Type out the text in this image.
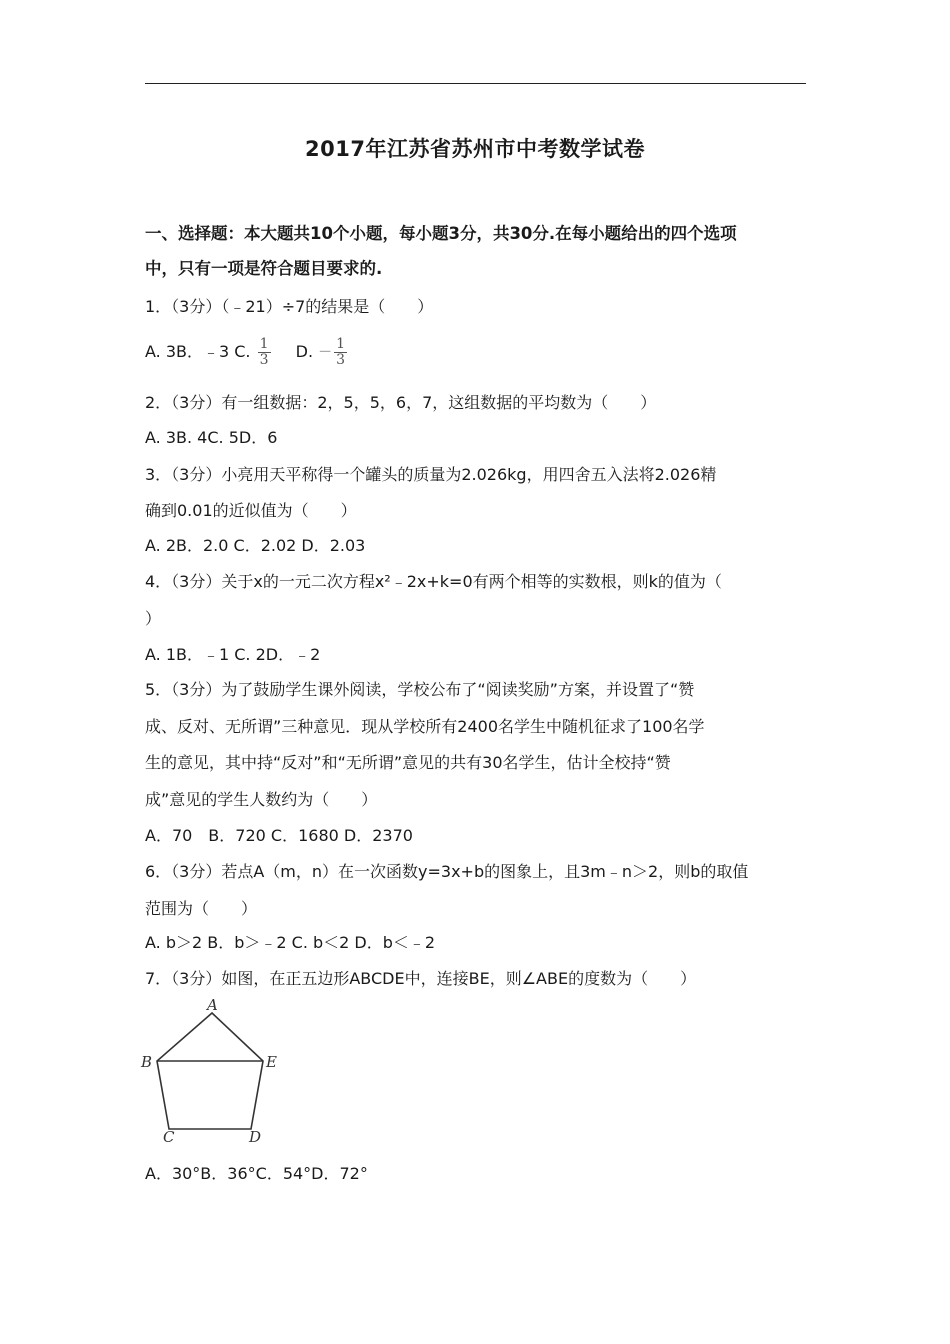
2017年江苏省苏州市中考数学试卷
一、选择题：本大题共10个小题，每小题3分，共30分.在每小题给出的四个选项
中，只有一项是符合题目要求的.
1．（3分）（﹣21）÷7的结果是（　　）
A. 3B．﹣3 C. $\frac{1}{3} D$. － $\frac{1}{3}$
2．（3分）有一组数据：2，5，5，6，7，这组数据的平均数为（　　）
A. 3B. 4C. 5D．6
3．（3分）小亮用天平称得一个罐头的质量为2.026kg，用四舍五入法将2.026精
确到0.01的近似值为（　　）
A. 2B．2.0 C．2.02 D．2.03
4．（3分）关于x的一元二次方程x²﹣2x+k=0有两个相等的实数根，则k的值为（
）
A. 1B．﹣1 C. 2D．﹣2
5．（3分）为了鼓励学生课外阅读，学校公布了“阅读奖励”方案，并设置了“赞
成、反对、无所谓”三种意见．现从学校所有2400名学生中随机征求了100名学
生的意见，其中持“反对”和“无所谓”意见的共有30名学生，估计全校持“赞
成”意见的学生人数约为（　　）
A．70　B．720 C．1680 D．2370
6．（3分）若点A（m，n）在一次函数y=3x+b的图象上，且3m﹣n＞2，则b的取值
范围为（　　）
A. b＞2 B．b＞﹣2 C. b＜2 D．b＜﹣2
7．（3分）如图，在正五边形ABCDE中，连接BE，则∠ABE的度数为（　　）
A
B	E
C	D
A．30°B．36°C．54°D．72°
